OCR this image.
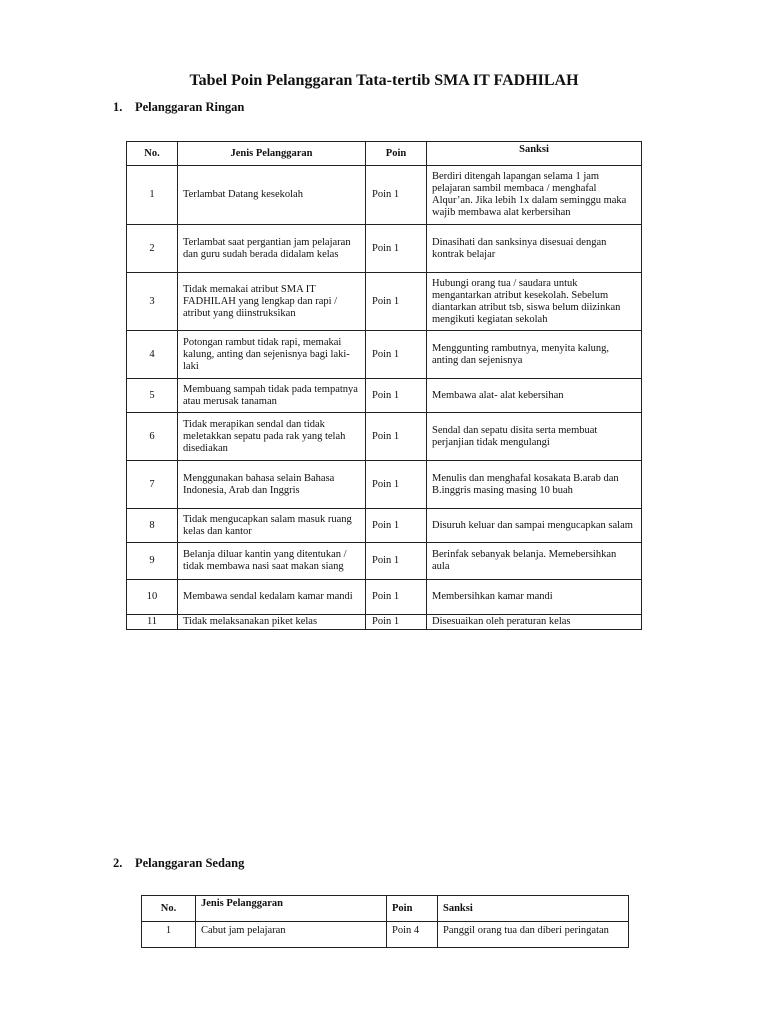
Tabel Poin Pelanggaran Tata-tertib SMA IT FADHILAH
1. Pelanggaran Ringan
No.	Jenis Pelanggaran	Poin	Sanksi
1	Terlambat Datang kesekolah	Poin 1	Berdiri ditengah lapangan selama 1 jam pelajaran sambil membaca / menghafal Alqur’an. Jika lebih 1x dalam seminggu maka wajib membawa alat kerbersihan
2	Terlambat saat pergantian jam pelajaran dan guru sudah berada didalam kelas	Poin 1	Dinasihati dan sanksinya disesuai dengan kontrak belajar
3	Tidak memakai atribut SMA IT FADHILAH yang lengkap dan rapi / atribut yang diinstruksikan	Poin 1	Hubungi orang tua / saudara untuk mengantarkan atribut kesekolah. Sebelum diantarkan atribut tsb, siswa belum diizinkan mengikuti kegiatan sekolah
4	Potongan rambut tidak rapi, memakai kalung, anting dan sejenisnya bagi laki-laki	Poin 1	Menggunting rambutnya, menyita kalung, anting dan sejenisnya
5	Membuang sampah tidak pada tempatnya atau merusak tanaman	Poin 1	Membawa alat- alat kebersihan
6	Tidak merapikan sendal dan tidak meletakkan sepatu pada rak yang telah disediakan	Poin 1	Sendal dan sepatu disita serta membuat perjanjian tidak mengulangi
7	Menggunakan bahasa selain Bahasa Indonesia, Arab dan Inggris	Poin 1	Menulis dan menghafal kosakata B.arab dan B.inggris masing masing 10 buah
8	Tidak mengucapkan salam masuk ruang kelas dan kantor	Poin 1	Disuruh keluar dan sampai mengucapkan salam
9	Belanja diluar kantin yang ditentukan / tidak membawa nasi saat makan siang	Poin 1	Berinfak sebanyak belanja. Memebersihkan aula
10	Membawa sendal kedalam kamar mandi	Poin 1	Membersihkan kamar mandi
11	Tidak melaksanakan piket kelas	Poin 1	Disesuaikan oleh peraturan kelas
2. Pelanggaran Sedang
No.	Jenis Pelanggaran	Poin	Sanksi
1	Cabut jam pelajaran	Poin 4	Panggil orang tua dan diberi peringatan
